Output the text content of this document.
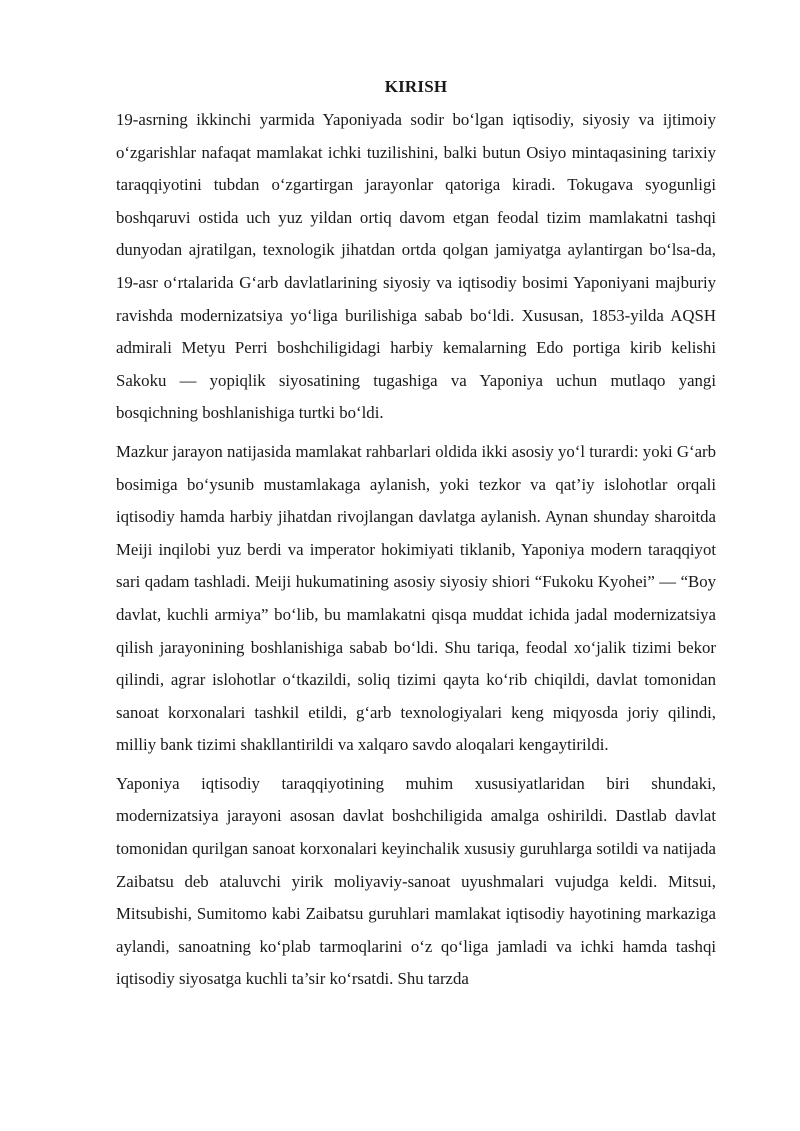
KIRISH

19-asrning ikkinchi yarmida Yaponiyada sodir bo‘lgan iqtisodiy, siyosiy va ijtimoiy o‘zgarishlar nafaqat mamlakat ichki tuzilishini, balki butun Osiyo mintaqasining tarixiy taraqqiyotini tubdan o‘zgartirgan jarayonlar qatoriga kiradi. Tokugava syogunligi boshqaruvi ostida uch yuz yildan ortiq davom etgan feodal tizim mamlakatni tashqi dunyodan ajratilgan, texnologik jihatdan ortda qolgan jamiyatga aylantirgan bo‘lsa-da, 19-asr o‘rtalarida G‘arb davlatlarining siyosiy va iqtisodiy bosimi Yaponiyani majburiy ravishda modernizatsiya yo‘liga burilishiga sabab bo‘ldi. Xususan, 1853-yilda AQSH admirali Metyu Perri boshchiligidagi harbiy kemalarning Edo portiga kirib kelishi Sakoku — yopiqlik siyosatining tugashiga va Yaponiya uchun mutlaqo yangi bosqichning boshlanishiga turtki bo‘ldi.

Mazkur jarayon natijasida mamlakat rahbarlari oldida ikki asosiy yo‘l turardi: yoki G‘arb bosimiga bo‘ysunib mustamlakaga aylanish, yoki tezkor va qat’iy islohotlar orqali iqtisodiy hamda harbiy jihatdan rivojlangan davlatga aylanish. Aynan shunday sharoitda Meiji inqilobi yuz berdi va imperator hokimiyati tiklanib, Yaponiya modern taraqqiyot sari qadam tashladi. Meiji hukumatining asosiy siyosiy shiori “Fukoku Kyohei” — “Boy davlat, kuchli armiya” bo‘lib, bu mamlakatni qisqa muddat ichida jadal modernizatsiya qilish jarayonining boshlanishiga sabab bo‘ldi. Shu tariqa, feodal xo‘jalik tizimi bekor qilindi, agrar islohotlar o‘tkazildi, soliq tizimi qayta ko‘rib chiqildi, davlat tomonidan sanoat korxonalari tashkil etildi, g‘arb texnologiyalari keng miqyosda joriy qilindi, milliy bank tizimi shakllantirildi va xalqaro savdo aloqalari kengaytirildi.

Yaponiya iqtisodiy taraqqiyotining muhim xususiyatlaridan biri shundaki, modernizatsiya jarayoni asosan davlat boshchiligida amalga oshirildi. Dastlab davlat tomonidan qurilgan sanoat korxonalari keyinchalik xususiy guruhlarga sotildi va natijada Zaibatsu deb ataluvchi yirik moliyaviy-sanoat uyushmalari vujudga keldi. Mitsui, Mitsubishi, Sumitomo kabi Zaibatsu guruhlari mamlakat iqtisodiy hayotining markaziga aylandi, sanoatning ko‘plab tarmoqlarini o‘z qo‘liga jamladi va ichki hamda tashqi iqtisodiy siyosatga kuchli ta’sir ko‘rsatdi. Shu tarzda
